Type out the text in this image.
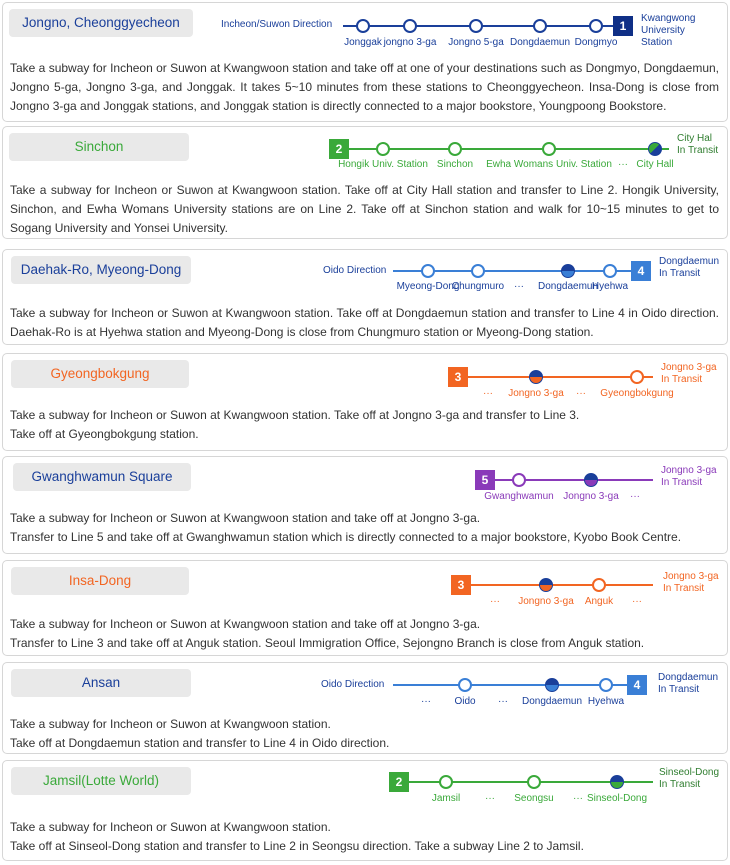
Jongno, Cheonggyecheon	Incheon/Suwon Direction
Jonggak jongno 3-ga Jongno 5-ga Dongdaemun Dongmyo
1
Kwangwong
University
Station
Take a subway for Incheon or Suwon at Kwangwoon station and take off at one of your destinations such as Dongmyo, Dongdaemun, Jongno 5-ga, Jongno 3-ga, and Jonggak. It takes 5~10 minutes from these stations to Cheonggyecheon. Insa-Dong is close from Jongno 3-ga and Jonggak stations, and Jonggak station is directly connected to a major bookstore, Youngpoong Bookstore.
Sinchon
Hongik Univ. Station Sinchon Ewha Womans Univ. Station ··· City Hall
2
City Hal
In Transit
Take a subway for Incheon or Suwon at Kwangwoon station. Take off at City Hall station and transfer to Line 2. Hongik University, Sinchon, and Ewha Womans University stations are on Line 2. Take off at Sinchon station and walk for 10~15 minutes to get to Sogang University and Yonsei University.
Daehak-Ro, Myeong-Dong	Oido Direction
Myeong-Dong
Chungmuro ··· Dongdaemun
Hyehwa
4
Dongdaemun
In Transit
Take a subway for Incheon or Suwon at Kwangwoon station. Take off at Dongdaemun station and transfer to Line 4 in Oido direction. Daehak-Ro is at Hyehwa station and Myeong-Dong is close from Chungmuro station or Myeong-Dong station.
Gyeongbokgung
··· Jongno 3-ga ··· Gyeongbokgung
3
Jongno 3-ga
In Transit
Take a subway for Incheon or Suwon at Kwangwoon station. Take off at Jongno 3-ga and transfer to Line 3.
Take off at Gyeongbokgung station.
Gwanghwamun Square
Gwanghwamun Jongno 3-ga ···
5
Jongno 3-ga
In Transit
Take a subway for Incheon or Suwon at Kwangwoon station and take off at Jongno 3-ga.
Transfer to Line 5 and take off at Gwanghwamun station which is directly connected to a major bookstore, Kyobo Book Centre.
Insa-Dong
··· Jongno 3-ga Anguk ···
3
Jongno 3-ga
In Transit
Take a subway for Incheon or Suwon at Kwangwoon station and take off at Jongno 3-ga.
Transfer to Line 3 and take off at Anguk station. Seoul Immigration Office, Sejongno Branch is close from Anguk station.
Ansan	Oido Direction
··· Oido ··· Dongdaemun Hyehwa
4
Dongdaemun
In Transit
Take a subway for Incheon or Suwon at Kwangwoon station.
Take off at Dongdaemun station and transfer to Line 4 in Oido direction.
Jamsil(Lotte World)
Jamsil ··· Seongsu ··· Sinseol-Dong
2
Sinseol-Dong
In Transit
Take a subway for Incheon or Suwon at Kwangwoon station.
Take off at Sinseol-Dong station and transfer to Line 2 in Seongsu direction. Take a subway Line 2 to Jamsil.
